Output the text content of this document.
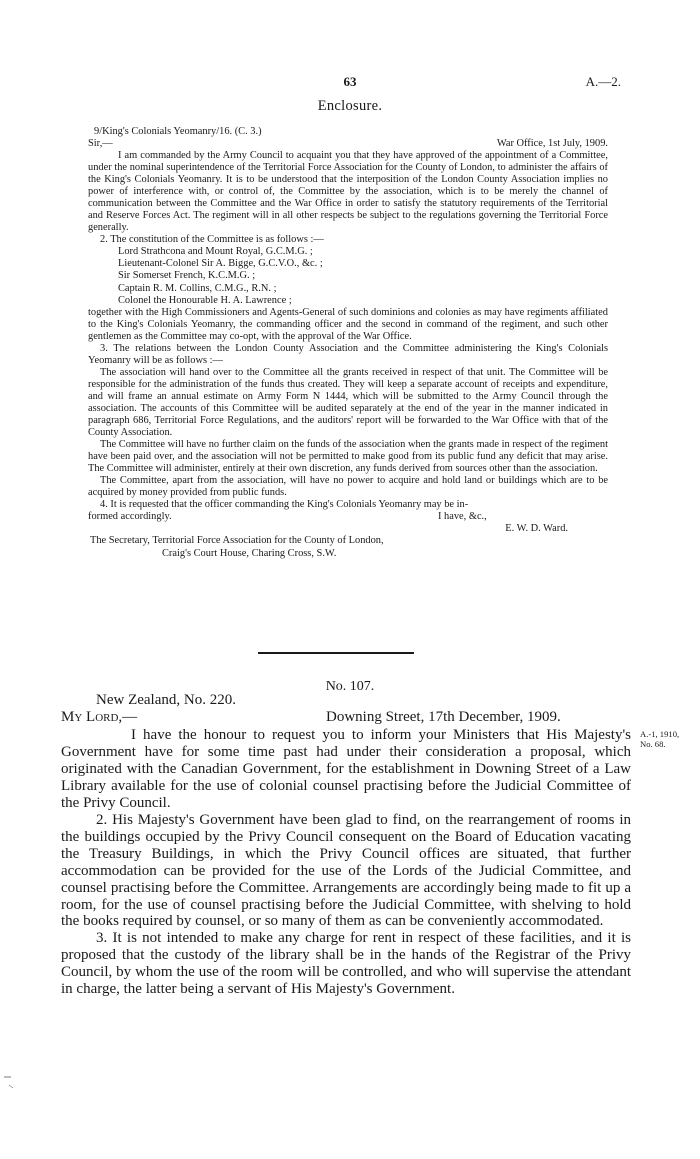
63	A.—2.
Enclosure.
9/King's Colonials Yeomanry/16. (C. 3.)
Sir,—	War Office, 1st July, 1909.

I am commanded by the Army Council to acquaint you that they have approved of the appointment of a Committee, under the nominal superintendence of the Territorial Force Association for the County of London, to administer the affairs of the King's Colonials Yeomanry. It is to be understood that the interposition of the London County Association implies no power of interference with, or control of, the Committee by the association, which is to be merely the channel of communication between the Committee and the War Office in order to satisfy the statutory requirements of the Territorial and Reserve Forces Act. The regiment will in all other respects be subject to the regulations governing the Territorial Force generally.

2. The constitution of the Committee is as follows :—

Lord Strathcona and Mount Royal, G.C.M.G. ;
Lieutenant-Colonel Sir A. Bigge, G.C.V.O., &c. ;
Sir Somerset French, K.C.M.G. ;
Captain R. M. Collins, C.M.G., R.N. ;
Colonel the Honourable H. A. Lawrence ;

together with the High Commissioners and Agents-General of such dominions and colonies as may have regiments affiliated to the King's Colonials Yeomanry, the commanding officer and the second in command of the regiment, and such other gentlemen as the Committee may co-opt, with the approval of the War Office.

3. The relations between the London County Association and the Committee administering the King's Colonials Yeomanry will be as follows :—

The association will hand over to the Committee all the grants received in respect of that unit. The Committee will be responsible for the administration of the funds thus created. They will keep a separate account of receipts and expenditure, and will frame an annual estimate on Army Form N 1444, which will be submitted to the Army Council through the association. The accounts of this Committee will be audited separately at the end of the year in the manner indicated in paragraph 686, Territorial Force Regulations, and the auditors' report will be forwarded to the War Office with that of the County Association.

The Committee will have no further claim on the funds of the association when the grants made in respect of the regiment have been paid over, and the association will not be permitted to make good from its public fund any deficit that may arise. The Committee will administer, entirely at their own discretion, any funds derived from sources other than the association.

The Committee, apart from the association, will have no power to acquire and hold land or buildings which are to be acquired by money provided from public funds.

4. It is requested that the officer commanding the King's Colonials Yeomanry may be in-

formed accordingly.	I have, &c.,
E. W. D. Ward.
The Secretary, Territorial Force Association for the County of London,
Craig's Court House, Charing Cross, S.W.
No. 107.
New Zealand, No. 220.
My Lord,—	Downing Street, 17th December, 1909.
A.-1, 1910,
No. 68.

I have the honour to request you to inform your Ministers that His Majesty's Government have for some time past had under their consideration a proposal, which originated with the Canadian Government, for the establishment in Downing Street of a Law Library available for the use of colonial counsel practising before the Judicial Committee of the Privy Council.

2. His Majesty's Government have been glad to find, on the rearrangement of rooms in the buildings occupied by the Privy Council consequent on the Board of Education vacating the Treasury Buildings, in which the Privy Council offices are situated, that further accommodation can be provided for the use of the Lords of the Judicial Committee, and counsel practising before the Committee. Arrangements are accordingly being made to fit up a room, for the use of counsel practising before the Judicial Committee, with shelving to hold the books required by counsel, or so many of them as can be conveniently accommodated.

3. It is not intended to make any charge for rent in respect of these facilities, and it is proposed that the custody of the library shall be in the hands of the Registrar of the Privy Council, by whom the use of the room will be controlled, and who will supervise the attendant in charge, the latter being a servant of His Majesty's Government.
